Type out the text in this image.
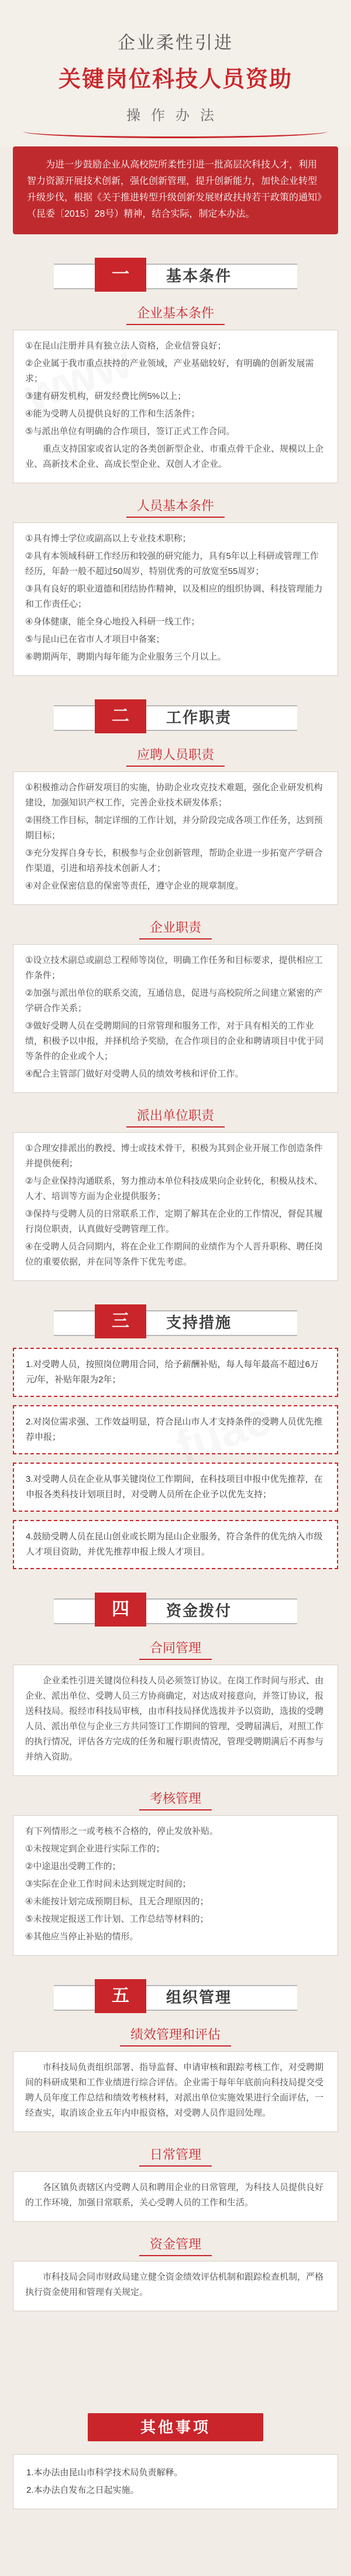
企业柔性引进
关键岗位科技人员资助
操作办法
为进一步鼓励企业从高校院所柔性引进一批高层次科技人才，利用智力资源开展技术创新，强化创新管理，提升创新能力，加快企业转型升级步伐，根据《关于推进转型升级创新发展财政扶持若干政策的通知》（昆委〔2015〕28号）精神，结合实际，制定本办法。
一	基本条件
企业基本条件

①在昆山注册并具有独立法人资格，企业信誉良好；

②企业属于我市重点扶持的产业领域，产业基础较好，有明确的创新发展需求；

③建有研发机构，研发经费比例5%以上；

④能为受聘人员提供良好的工作和生活条件；

⑤与派出单位有明确的合作项目，签订正式工作合同。

重点支持国家或省认定的各类创新型企业、市重点骨干企业、规模以上企业、高新技术企业、高成长型企业、双创人才企业。

人员基本条件

①具有博士学位或副高以上专业技术职称；

②具有本领域科研工作经历和较强的研究能力，具有5年以上科研或管理工作经历，年龄一般不超过50周岁，特别优秀的可放宽至55周岁；

③具有良好的职业道德和团结协作精神，以及相应的组织协调、科技管理能力和工作责任心；

④身体健康，能全身心地投入科研一线工作；

⑤与昆山已在省市人才项目中备案；

⑥聘期两年，聘期内每年能为企业服务三个月以上。

二	工作职责
应聘人员职责

①积极推动合作研发项目的实施，协助企业攻克技术难题，强化企业研发机构建设，加强知识产权工作，完善企业技术研发体系；

②围绕工作目标，制定详细的工作计划，并分阶段完成各项工作任务，达到预期目标；

③充分发挥自身专长，积极参与企业创新管理，帮助企业进一步拓宽产学研合作渠道，引进和培养技术创新人才；

④对企业保密信息的保密等责任，遵守企业的规章制度。

企业职责

①设立技术副总或副总工程师等岗位，明确工作任务和目标要求，提供相应工作条件；

②加强与派出单位的联系交流，互通信息，促进与高校院所之间建立紧密的产学研合作关系；

③做好受聘人员在受聘期间的日常管理和服务工作，对于具有相关的工作业绩，积极予以申报，并择机给予奖励，在合作项目的企业和聘请项目中优于同等条件的企业或个人；

④配合主管部门做好对受聘人员的绩效考核和评价工作。

派出单位职责

①合理安排派出的教授、博士或技术骨干，积极为其到企业开展工作创造条件并提供便利；

②与企业保持沟通联系，努力推动本单位科技成果向企业转化，积极从技术、人才、培训等方面为企业提供服务；

③保持与受聘人员的日常联系工作，定期了解其在企业的工作情况，督促其履行岗位职责，认真做好受聘管理工作。

④在受聘人员合同期内，将在企业工作期间的业绩作为个人晋升职称、聘任岗位的重要依据，并在同等条件下优先考虑。

三	支持措施
1.对受聘人员，按照岗位聘用合同，给予薪酬补贴，每人每年最高不超过6万元/年，补贴年限为2年；
2.对岗位需求强、工作效益明显，符合昆山市人才支持条件的受聘人员优先推荐申报；
3.对受聘人员在企业从事关键岗位工作期间，在科技项目申报中优先推荐，在申报各类科技计划项目时，对受聘人员所在企业予以优先支持；
4.鼓励受聘人员在昆山创业或长期为昆山企业服务，符合条件的优先纳入市级人才项目资助，并优先推荐申报上级人才项目。
四	资金拨付
合同管理

企业柔性引进关键岗位科技人员必须签订协议。在岗工作时间与形式、由企业、派出单位、受聘人员三方协商确定，对达成对接意向，并签订协议，报送科技局。报经市科技局审核，由市科技局择优选拔并予以资助，选拔的受聘人员、派出单位与企业三方共同签订工作期间的管理，受聘届满后，对照工作的执行情况，评估各方完成的任务和履行职责情况，管理受聘期满后不再参与并纳入资助。

考核管理

有下列情形之一或考核不合格的，停止发放补贴。

①未按规定到企业进行实际工作的；

②中途退出受聘工作的；

③实际在企业工作时间未达到规定时间的；

④未能按计划完成预期目标，且无合理原因的；

⑤未按规定报送工作计划、工作总结等材料的；

⑥其他应当停止补贴的情形。

五	组织管理
绩效管理和评估

市科技局负责组织部署、指导监督、申请审核和跟踪考核工作，对受聘期间的科研成果和工作业绩进行综合评估。企业需于每年年底前向科技局提交受聘人员年度工作总结和绩效考核材料，对派出单位实施效果进行全面评估，一经查实，取消该企业五年内申报资格，对受聘人员作退回处理。

日常管理

各区镇负责辖区内受聘人员和聘用企业的日常管理，为科技人员提供良好的工作环境，加强日常联系，关心受聘人员的工作和生活。

资金管理

市科技局会同市财政局建立健全资金绩效评估机制和跟踪检查机制，严格执行资金使用和管理有关规定。

其他事项
1.本办法由昆山市科学技术局负责解释。
2.本办法自发布之日起实施。
